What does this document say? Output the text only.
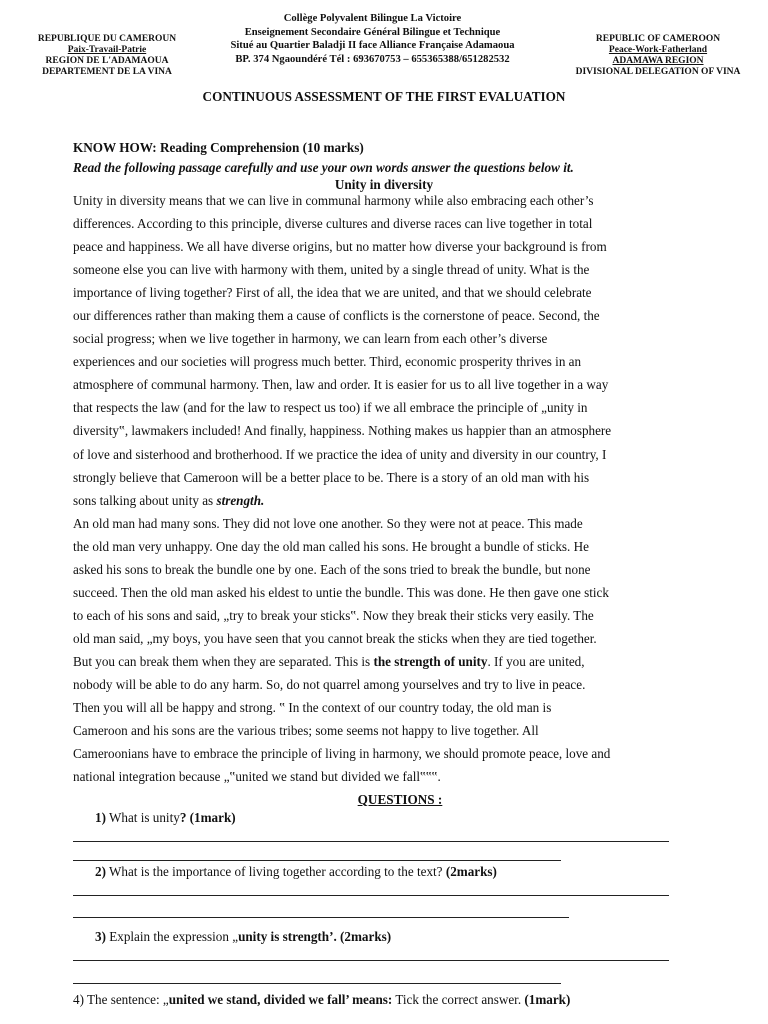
REPUBLIQUE DU CAMEROUN
Paix-Travail-Patrie
REGION DE L'ADAMAOUA
DEPARTEMENT DE LA VINA
Collège Polyvalent Bilingue La Victoire
Enseignement Secondaire Général Bilingue et Technique
Situé au Quartier Baladji II face Alliance Française Adamaoua
BP. 374 Ngaoundéré Tél : 693670753 – 655365388/651282532
REPUBLIC OF CAMEROON
Peace-Work-Fatherland
ADAMAWA REGION
DIVISIONAL DELEGATION OF VINA
CONTINUOUS ASSESSMENT OF THE FIRST EVALUATION
KNOW HOW: Reading Comprehension (10 marks)
Read the following passage carefully and use your own words answer the questions below it.
Unity in diversity
Unity in diversity means that we can live in communal harmony while also embracing each other’s
differences. According to this principle, diverse cultures and diverse races can live together in total
peace and happiness. We all have diverse origins, but no matter how diverse your background is from
someone else you can live with harmony with them, united by a single thread of unity. What is the
importance of living together? First of all, the idea that we are united, and that we should celebrate
our differences rather than making them a cause of conflicts is the cornerstone of peace. Second, the
social progress; when we live together in harmony, we can learn from each other’s diverse
experiences and our societies will progress much better. Third, economic prosperity thrives in an
atmosphere of communal harmony. Then, law and order. It is easier for us to all live together in a way
that respects the law (and for the law to respect us too) if we all embrace the principle of „unity in
diversity‟, lawmakers included! And finally, happiness. Nothing makes us happier than an atmosphere
of love and sisterhood and brotherhood. If we practice the idea of unity and diversity in our country, I
strongly believe that Cameroon will be a better place to be. There is a story of an old man with his
sons talking about unity as strength.
An old man had many sons. They did not love one another. So they were not at peace. This made
the old man very unhappy. One day the old man called his sons. He brought a bundle of sticks. He
asked his sons to break the bundle one by one. Each of the sons tried to break the bundle, but none
succeed. Then the old man asked his eldest to untie the bundle. This was done. He then gave one stick
to each of his sons and said, „try to break your sticks‟. Now they break their sticks very easily. The
old man said, „my boys, you have seen that you cannot break the sticks when they are tied together.
But you can break them when they are separated. This is the strength of unity. If you are united,
nobody will be able to do any harm. So, do not quarrel among yourselves and try to live in peace.
Then you will all be happy and strong. ‟ In the context of our country today, the old man is
Cameroon and his sons are the various tribes; some seems not happy to live together. All
Cameroonians have to embrace the principle of living in harmony, we should promote peace, love and
national integration because „‟united we stand but divided we fall‟‟‟.
QUESTIONS :
1) What is unity? (1mark)
2) What is the importance of living together according to the text? (2marks)
3) Explain the expression „unity is strength’. (2marks)
4) The sentence: „united we stand, divided we fall’ means: Tick the correct answer. (1mark)
